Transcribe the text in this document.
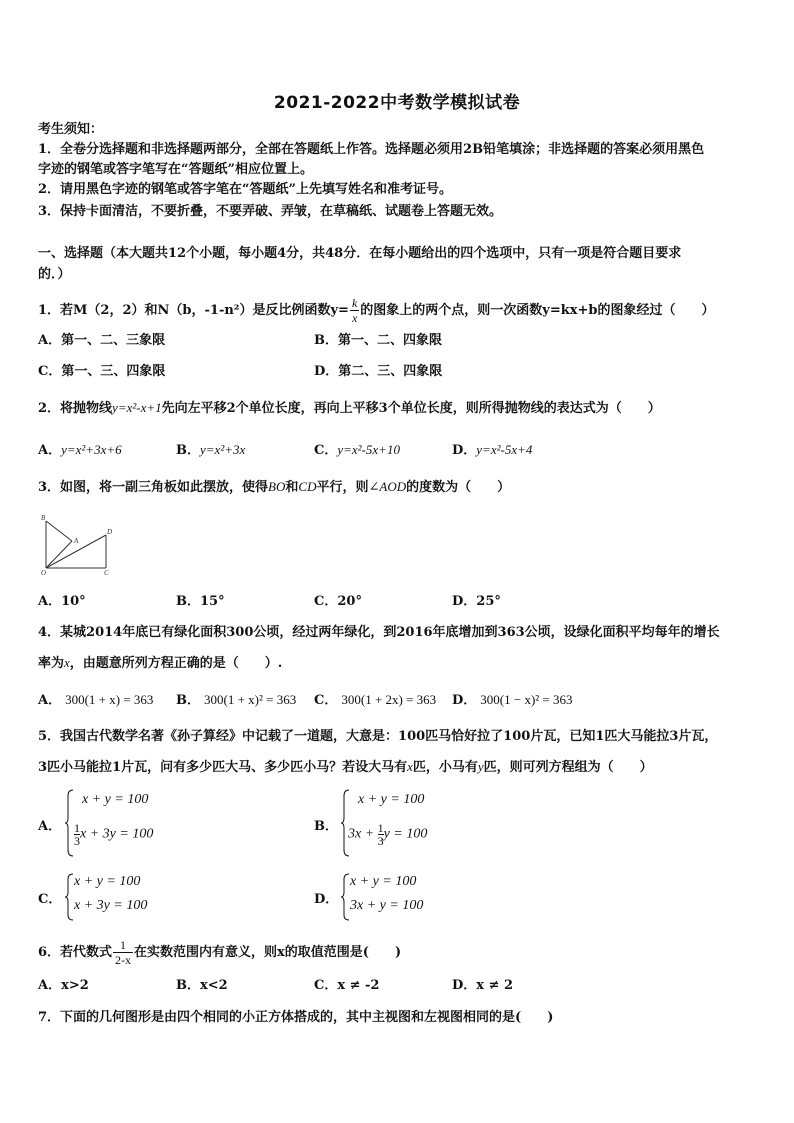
2021-2022中考数学模拟试卷
考生须知：
1．全卷分选择题和非选择题两部分，全部在答题纸上作答。选择题必须用2B铅笔填涂；非选择题的答案必须用黑色
字迹的钢笔或答字笔写在“答题纸”相应位置上。
2．请用黑色字迹的钢笔或答字笔在“答题纸”上先填写姓名和准考证号。
3．保持卡面清洁，不要折叠，不要弄破、弄皱，在草稿纸、试题卷上答题无效。
一、选择题（本大题共12个小题，每小题4分，共48分．在每小题给出的四个选项中，只有一项是符合题目要求
的．）
1．若M（2，2）和N（b，-1-n²）是反比例函数$y= \frac{k}{x}$ 的图象上的两个点，则一次函数y=kx+b的图象经过（　　）
A．第一、二、三象限	B．第一、二、四象限
C．第一、三、四象限	D．第二、三、四象限
2．将抛物线y=x²-x+1先向左平移2个单位长度，再向上平移3个单位长度，则所得抛物线的表达式为（　　）
A．y=x²+3x+6	B．y=x²+3x	C．y=x²-5x+10	D．y=x²-5x+4
3．如图，将一副三角板如此摆放，使得BO和CD平行，则∠AOD的度数为（　　）
B
A
D
O	C
A．10°	B．15°	C．20°	D．25°
4．某城2014年底已有绿化面积300公顷，经过两年绿化，到2016年底增加到363公顷，设绿化面积平均每年的增长
率为x，由题意所列方程正确的是（　　）.
A． 300(1 + x) = 363 B． 300(1 + x)² = 363 C． 300(1 + 2x) = 363 D． 300(1 − x)² = 363
5．我国古代数学名著《孙子算经》中记载了一道题，大意是：100匹马恰好拉了100片瓦，已知1匹大马能拉3片瓦，
3匹小马能拉1片瓦，问有多少匹大马、多少匹小马？若设大马有x匹，小马有y匹，则可列方程组为（　　）
A．
x + y = 100
$\frac{1}{3}$ x + 3y = 100
B．
x + y = 100
$3x + \frac{1}{3}$ y = 100
C．
x + y = 100
x + 3y = 100	D．
x + y = 100
3x + y = 100
6．若代数式 $\frac{1}{2-x}$ 在实数范围内有意义，则x的取值范围是(　　)
A．x>2	B．x<2	C．x ≠ -2	D．x ≠ 2
7．下面的几何图形是由四个相同的小正方体搭成的，其中主视图和左视图相同的是(　　)
